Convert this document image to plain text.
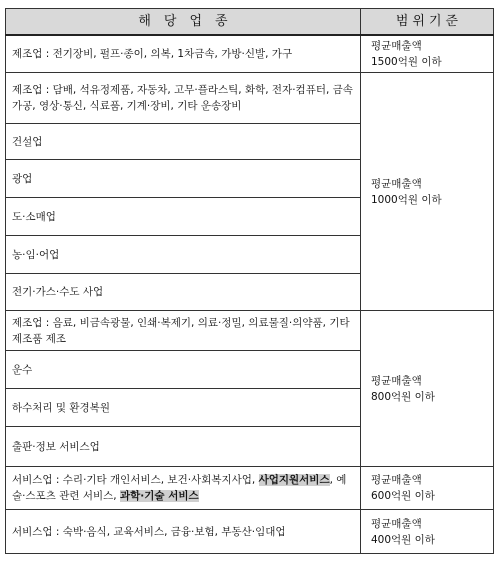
해당업종	범위기준
제조업 : 전기장비, 펄프·종이, 의복, 1차금속, 가방·신발, 가구	평균매출액
1500억원 이하

제조업 : 담배, 석유정제품, 자동차, 고무·플라스틱, 화학, 전자·컴퓨터, 금속가공, 영상·통신, 식료품, 기계·장비, 기타 운송장비	평균매출액
1000억원 이하

건설업	
광업	
도·소매업	
농·임·어업	
전기·가스·수도 사업	
제조업 : 음료, 비금속광물, 인쇄·복제기, 의료·정밀, 의료물질·의약품, 기타제조품 제조	평균매출액
800억원 이하

운수	
하수처리 및 환경복원	
출판·정보 서비스업	
서비스업 : 수리·기타 개인서비스, 보건·사회복지사업, 사업지원서비스, 예술·스포츠 관련 서비스, 과학·기술 서비스	평균매출액
600억원 이하

서비스업 : 숙박·음식, 교육서비스, 금융·보험, 부동산·임대업	평균매출액
400억원 이하
